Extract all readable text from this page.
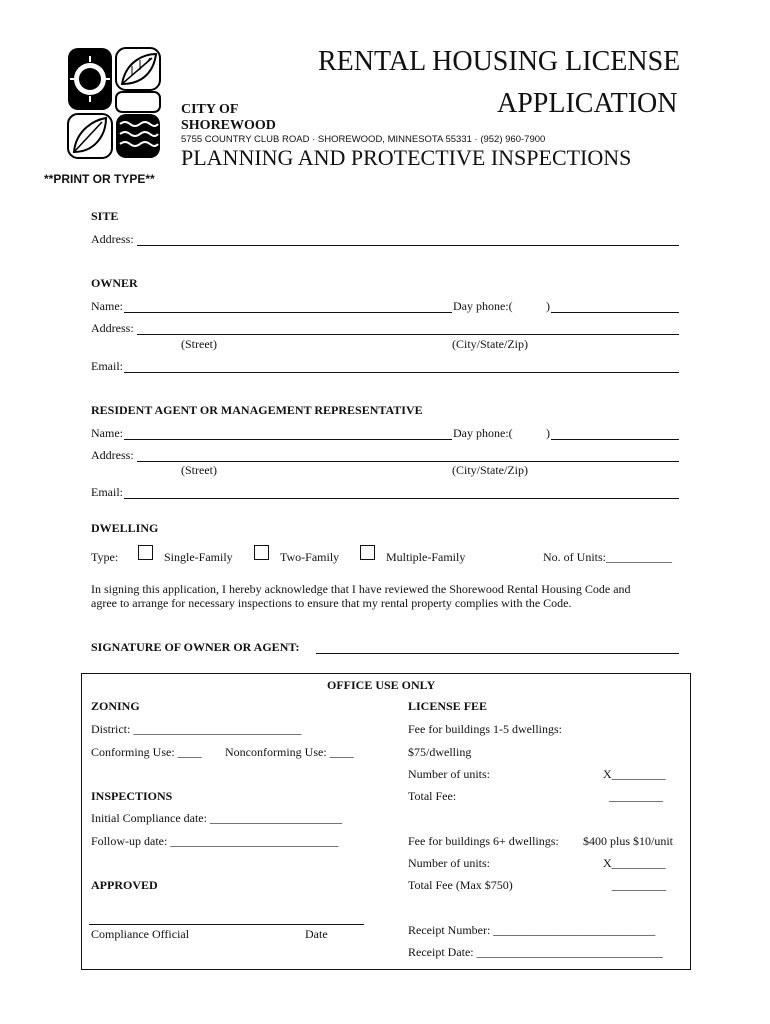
RENTAL HOUSING LICENSE
APPLICATION
CITY OF
SHOREWOOD
5755 COUNTRY CLUB ROAD · SHOREWOOD, MINNESOTA 55331 · (952) 960-7900
PLANNING AND PROTECTIVE INSPECTIONS
**PRINT OR TYPE**
SITE
Address:
OWNER
Name:	Day phone:(	)
Address:
(Street)	(City/State/Zip)
Email:
RESIDENT AGENT OR MANAGEMENT REPRESENTATIVE
Name:	Day phone:(	)
Address:
(Street)	(City/State/Zip)
Email:
DWELLING
Type:	Single-Family	Two-Family	Multiple-Family	No. of Units:___________
In signing this application, I hereby acknowledge that I have reviewed the Shorewood Rental Housing Code and
agree to arrange for necessary inspections to ensure that my rental property complies with the Code.
SIGNATURE OF OWNER OR AGENT:
OFFICE USE ONLY
ZONING
District: ____________________________
Conforming Use: ____ Nonconforming Use: ____
INSPECTIONS
Initial Compliance date: ______________________
Follow-up date: ____________________________
APPROVED
Compliance Official	Date
LICENSE FEE
Fee for buildings 1-5 dwellings:
$75/dwelling
Number of units:	X_________
Total Fee:	_________
Fee for buildings 6+ dwellings: $400 plus $10/unit
Number of units:	X_________
Total Fee (Max $750)	_________
Receipt Number: ___________________________
Receipt Date: _______________________________
